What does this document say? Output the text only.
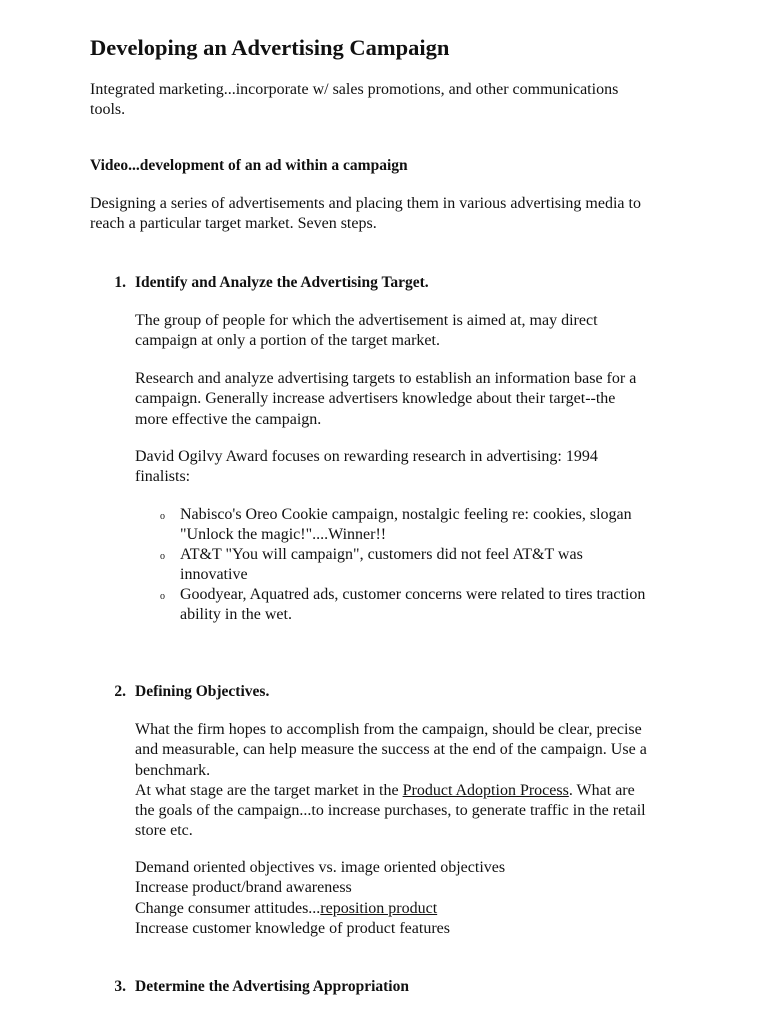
Developing an Advertising Campaign

Integrated marketing...incorporate w/ sales promotions, and other communications
tools.

Video...development of an ad within a campaign

Designing a series of advertisements and placing them in various advertising media to
reach a particular target market. Seven steps.

1. Identify and Analyze the Advertising Target.

The group of people for which the advertisement is aimed at, may direct
campaign at only a portion of the target market.

Research and analyze advertising targets to establish an information base for a
campaign. Generally increase advertisers knowledge about their target--the
more effective the campaign.

David Ogilvy Award focuses on rewarding research in advertising: 1994
finalists:

o Nabisco's Oreo Cookie campaign, nostalgic feeling re: cookies, slogan
"Unlock the magic!"....Winner!!

o AT&T "You will campaign", customers did not feel AT&T was
innovative

o Goodyear, Aquatred ads, customer concerns were related to tires traction
ability in the wet.

2. Defining Objectives.

What the firm hopes to accomplish from the campaign, should be clear, precise
and measurable, can help measure the success at the end of the campaign. Use a
benchmark.
At what stage are the target market in the Product Adoption Process. What are
the goals of the campaign...to increase purchases, to generate traffic in the retail
store etc.

Demand oriented objectives vs. image oriented objectives
Increase product/brand awareness
Change consumer attitudes...reposition product
Increase customer knowledge of product features

3. Determine the Advertising Appropriation
